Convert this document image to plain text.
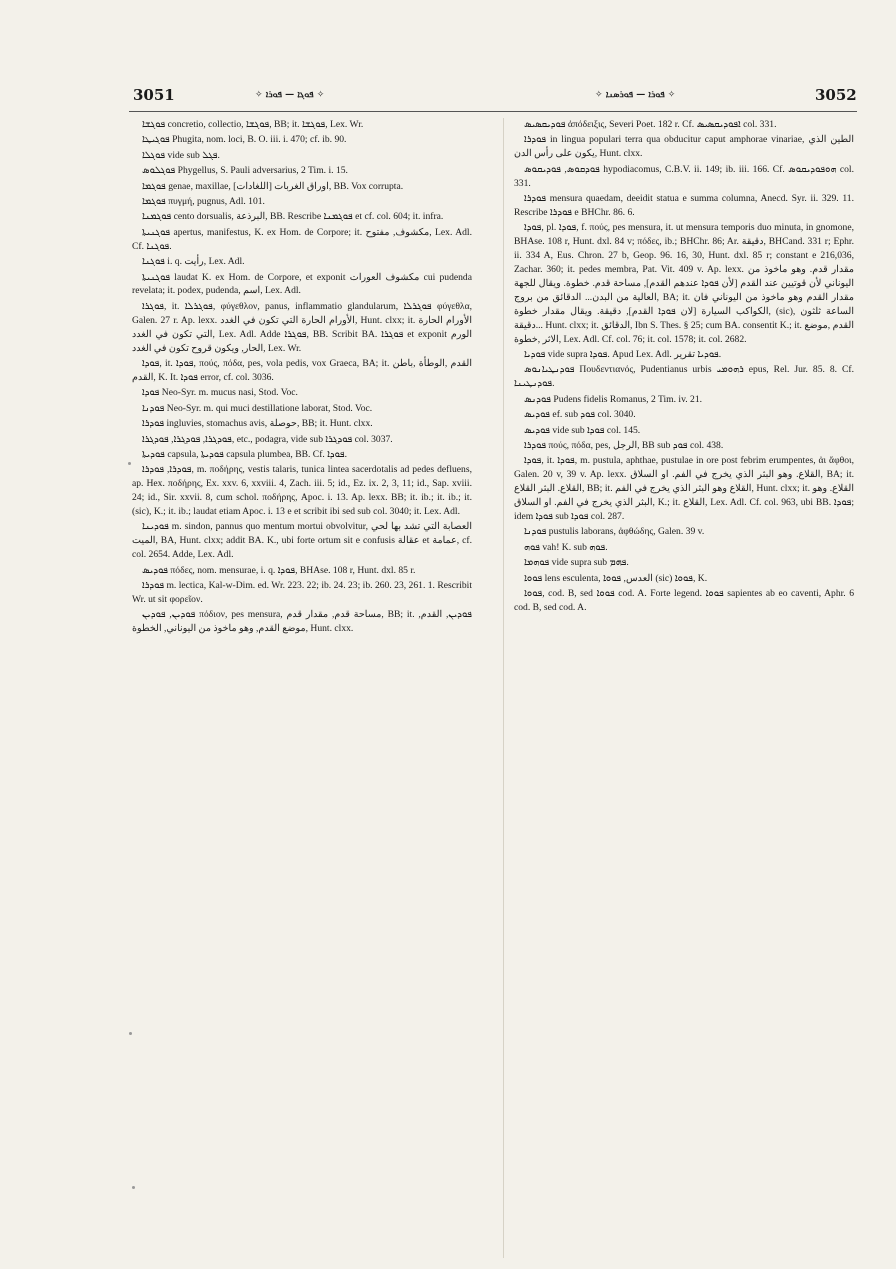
3051	✧ ܦܘܓܐ — ܦܘܪܐ ✧	✧ ܦܘܪܐ — ܦܘܪܣܢܐ ✧	3052

ܦܘܓܫܐ concretio, collectio, ܦܘܓܫܐ, BB; it. ܦܘܓܫܐ, Lex. Wr.

ܦܘܓܝܛܐ Phugita, nom. loci, B. O. iii. i. 470; cf. ib. 90.

ܦܘܓܠܐ vide sub ܦܓܠ.

ܦܘܓܠܘܣ Phygellus, S. Pauli adversarius, 2 Tim. i. 15.

ܦܘܓܡܐ genae, maxillae, [اللغادات] اوراق الغربات, BB. Vox corrupta.

ܦܘܓܡܐ πυγμή, pugnus, Adl. 101.

ܦܘܓܡܢܐ cento dorsualis, البرذعة, BB. Rescribe ܦܘܓܡܢܐ et cf. col. 604; it. infra.

ܦܘܓܢܝܬܐ apertus, manifestus, K. ex Hom. de Corpore; it. مكشوف, مفتوح, Lex. Adl. Cf. ܦܘܓܢܐ.

ܦܘܓܢܐ i. q. رأيت, Lex. Adl.

ܦܘܓܢܝܬܐ laudat K. ex Hom. de Corpore, et exponit مكشوف العورات cui pudenda revelata; it. podex, pudenda, اسم, Lex. Adl.

ܦܘܓܪܐ, it. ܦܘܓܪܠܐ, φύγεθλον, panus, inflammatio glandularum, ܦܘܓܪܠܐ φύγεθλα, Galen. 27 r. Ap. lexx. الأورام الحارة التي تكون في الغدد, Hunt. clxx; it. الأورام الحارة التي تكون في الغدد, Lex. Adl. Adde ܦܘܓܪܐ, BB. Scribit BA. ܦܘܓܪܐ et exponit الورم الحار, ويكون قروح تكون في الغدد, Lex. Wr.

ܦܘܕܐ, it. ܦܘܕܐ, πούς, πόδα, pes, vola pedis, vox Graeca, BA; it. القدم ,الوطأة ,باطن القدم, K. It. ܦܘܕܐ error, cf. col. 3036.

ܦܘܕܐ Neo-Syr. m. mucus nasi, Stod. Voc.

ܦܘܕܢܐ Neo-Syr. m. qui muci destillatione laborat, Stod. Voc.

ܦܘܕܪܐ ingluvies, stomachus avis, حوصلة, BB; it. Hunt. clxx.

ܦܘܕܓܪܐ, ܦܘܕܓܪܐ, ܦܘܕܓܪܐ, etc., podagra, vide sub ܦܘܕܓܪܐ col. 3037.

ܦܘܕܝܬܐ capsula, ܦܘܕܝܬܐ capsula plumbea, BB. Cf. ܦܘܕܐ.

ܦܘܕܪܐ, ܦܘܕܪܐ, m. ποδήρης, vestis talaris, tunica lintea sacerdotalis ad pedes defluens, ap. Hex. ποδήρης, Ex. xxv. 6, xxviii. 4, Zach. iii. 5; id., Ez. ix. 2, 3, 11; id., Sap. xviii. 24; id., Sir. xxvii. 8, cum schol. ποδήρης, Apoc. i. 13. Ap. lexx. BB; it. ib.; it. ib.; it. (sic), K.; it. ib.; laudat etiam Apoc. i. 13 e et scribit ibi sed sub col. 3040; it. Lex. Adl.

ܦܘܕܝܢܐ m. sindon, pannus quo mentum mortui obvolvitur, العصابة التي تشد بها لحي الميت, BA, Hunt. clxx; addit BA. K., ubi forte ortum sit e confusis عقالة et عمامة, cf. col. 2654. Adde, Lex. Adl.

ܦܘܕܝܣ πόδες, nom. mensurae, i. q. ܦܘܕܐ, BHAse. 108 r, Hunt. dxl. 85 r.

ܦܘܕܪܐ m. lectica, Kal-w-Dim. ed. Wr. 223. 22; ib. 24. 23; ib. 260. 23, 261. 1. Rescribit Wr. ut sit φορεῖον.

ܦܘܕܝܢ, ܦܘܕܝܢ πόδιον, pes mensura, مساحة قدم, مقدار قدم, BB; it. ܦܘܕܝܢ, القدم, موضع القدم, وهو ماخوذ من اليوناني, الخطوة, Hunt. clxx.

ܦܘܕܝܩܣܝܣ ἀπόδειξις, Severi Poet. 182 r. Cf. ܐܦܘܕܝܩܣܝܣ col. 331.

ܦܘܕܪܐ in lingua populari terra qua obducitur caput amphorae vinariae, الطين الذي يكون على رأس الدن, Hunt. clxx.

ܦܘܕܩܘܣ, ܦܘܕܝܩܘܣ hypodiacomus, C.B.V. ii. 149; ib. iii. 166. Cf. ܗܘܦܘܕܝܩܘܣ col. 331.

ܦܘܕܪܐ mensura quaedam, deeidit statua e summa columna, Anecd. Syr. ii. 329. 11. Rescribe ܦܘܕܪܐ e BHChr. 86. 6.

ܦܘܕܐ, pl. ܦܘܕܐ, f. πούς, pes mensura, it. ut mensura temporis duo minuta, in gnomone, BHAse. 108 r, Hunt. dxl. 84 v; πόδες, ib.; BHChr. 86; Ar. دقيقة, BHCand. 331 r; Ephr. ii. 334 A, Eus. Chron. 27 b, Geop. 96. 16, 30, Hunt. dxl. 85 r; constant e 216,036, Zachar. 360; it. pedes membra, Pat. Vit. 409 v. Ap. lexx. مقدار قدم. وهو ماخوذ من اليوناني لأن قوتيين عند القدم [لأن ܦܘܕܐ عندهم القدم], مساحة قدم. خطوة. ويقال للجهة العالية من البدن... الدقائق من بروج, BA; it. مقدار القدم وهو ماخوذ من اليوناني فان الكواكب السيارة [لان ܦܘܕܐ القدم], دقيقة. ويقال مقدار خطوة, (sic), الساعة ثلثون دقيقة... Hunt. clxx; it. الدقائق, Ibn S. Thes. § 25; cum BA. consentit K.; it. القدم ,موضع الاثر ,خطوة, Lex. Adl. Cf. col. 76; it. col. 1578; it. col. 2682.

ܦܘܕܝܐ vide supra ܦܘܕܐ. Apud Lex. Adl. ܦܘܕܝܐ تقرير.

ܦܘܕܢܛܝܐܢܘܣ Πουδεντιανός, Pudentianus urbis ܪܗܘܡܝ epus, Rel. Jur. 85. 8. Cf. ܦܘܕܢܛܝܢܐ.

ܦܘܕܢܣ Pudens fidelis Romanus, 2 Tim. iv. 21.

ܦܘܕܝܣ ef. sub ܦܘܕ col. 3040.

ܦܘܕܝܣ vide sub ܦܘܕܐ col. 145.

ܦܘܕܪܐ πούς, πόδα, pes, الرجل, BB sub ܦܘܕ col. 438.

ܦܘܕܐ, it. ܦܘܕܐ, m. pustula, aphthae, pustulae in ore post febrim erumpentes, ἀι ἄφθοι, Galen. 20 v, 39 v. Ap. lexx. القلاع. وهو البثر الذي يخرج في الفم. او السلاق, BA; it. القلاع. البثر القلاع, BB; it. القلاع وهو البثر الذي يخرج في الفم, Hunt. clxx; it. القلاع. وهو البثر الذي يخرج في الفم. او السلاق, K.; it. القلاع, Lex. Adl. Cf. col. 963, ubi BB. ܦܘܕܐ; idem ܦܘܕܐ sub ܦܘܕܐ col. 287.

ܦܘܕܢܐ pustulis laborans, ἀφθώδης, Galen. 39 v.

ܦܘܗ vah! K. sub ܦܘܗ.

ܦܘܗܡܐ vide supra sub ܦܗܡ.

ܦܘܘܐ lens esculenta, العدس, ܦܘܘܐ (sic) ܦܘܘܐ, K.

ܦܘܘܐ, cod. B, sed ܦܘܘܐ cod. A. Forte legend. ܦܘܘܐ sapientes ab eo caventi, Aphr. 6 cod. B, sed cod. A.
